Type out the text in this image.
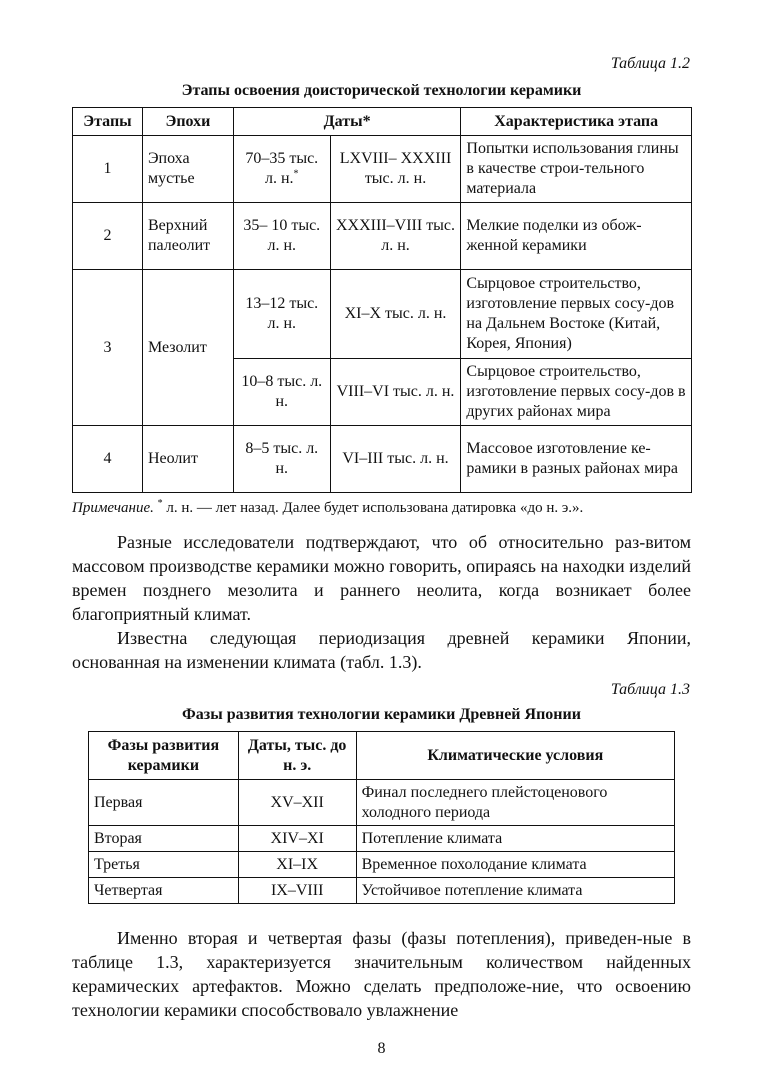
Таблица 1.2
Этапы освоения доисторической технологии керамики
Этапы	Эпохи	Даты*		Характеристика этапа
1	Эпоха мустье	70–35 тыс. л. н.*	LXVIII– XXXIII тыс. л. н.	Попытки использования глины в качестве строи-тельного материала
2	Верхний палеолит	35– 10 тыс. л. н.	XXXIII–VIII тыс. л. н.	Мелкие поделки из обож-женной керамики
3	Мезолит	13–12 тыс. л. н.	XI–X тыс. л. н.	Сырцовое строительство, изготовление первых сосу-дов на Дальнем Востоке (Китай, Корея, Япония)
		10–8 тыс. л. н.	VIII–VI тыс. л. н.	Сырцовое строительство, изготовление первых сосу-дов в других районах мира
4	Неолит	8–5 тыс. л. н.	VI–III тыс. л. н.	Массовое изготовление ке-рамики в разных районах мира
Примечание. * л. н. — лет назад. Далее будет использована датировка «до н. э.».

Разные исследователи подтверждают, что об относительно раз-витом массовом производстве керамики можно говорить, опираясь на находки изделий времен позднего мезолита и раннего неолита, когда возникает более благоприятный климат.

Известна следующая периодизация древней керамики Японии, основанная на изменении климата (табл. 1.3).

Таблица 1.3
Фазы развития технологии керамики Древней Японии
Фазы развития керамики	Даты, тыс. до н. э.	Климатические условия
Первая	XV–XII	Финал последнего плейстоценового холодного периода
Вторая	XIV–XI	Потепление климата
Третья	XI–IX	Временное похолодание климата
Четвертая	IX–VIII	Устойчивое потепление климата

Именно вторая и четвертая фазы (фазы потепления), приведен-ные в таблице 1.3, характеризуется значительным количеством найденных керамических артефактов. Можно сделать предположе-ние, что освоению технологии керамики способствовало увлажнение

8
